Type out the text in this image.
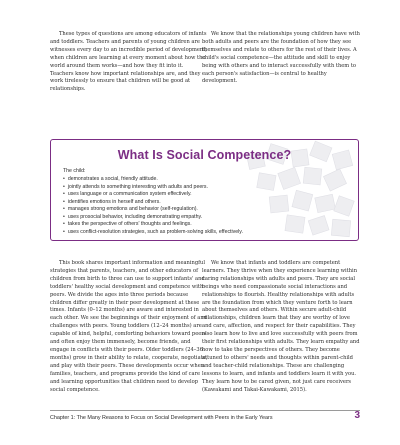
These types of questions are among educators of infants and toddlers. Teachers and parents of young children are witnesses every day to an incredible period of development, when children are learning at every moment about how the world around them works—and how they fit into it. Teachers know how important relationships are, and they work tirelessly to ensure that children will be good at relationships.

We know that the relationships young children have with both adults and peers are the foundation of how they see themselves and relate to others for the rest of their lives. A child's social competence—the attitude and skill to enjoy being with others and to interact successfully with them to each person's satisfaction—is central to healthy development.

What Is Social Competence?
The child:
• demonstrates a social, friendly attitude.
• jointly attends to something interesting with adults and peers.
• uses language or a communication system effectively.
• identifies emotions in herself and others.
• manages strong emotions and behavior (self-regulation).
• uses prosocial behavior, including demonstrating empathy.
• takes the perspective of others' thoughts and feelings.
• uses conflict-resolution strategies, such as problem-solving skills, effectively.

This book shares important information and meaningful strategies that parents, teachers, and other educators of children from birth to three can use to support infants' and toddlers' healthy social development and competence with peers. We divide the ages into three periods because children differ greatly in their peer development at these times. Infants (0–12 months) are aware and interested in each other. We see the beginnings of their enjoyment of and challenges with peers. Young toddlers (12–24 months) are capable of kind, helpful, comforting behaviors toward peers and often enjoy them immensely, become friends, and engage in conflicts with their peers. Older toddlers (24–36 months) grow in their ability to relate, cooperate, negotiate, and play with their peers. These developments occur when families, teachers, and programs provide the kind of care and learning opportunities that children need to develop social competence.

We know that infants and toddlers are competent learners. They thrive when they experience learning within caring relationships with adults and peers. They are social beings who need compassionate social interactions and relationships to flourish. Healthy relationships with adults are the foundation from which they venture forth to learn about themselves and others. Within secure adult-child relationships, children learn that they are worthy of love and care, affection, and respect for their capabilities. They also learn how to live and love successfully with peers from their first relationships with adults. They learn empathy and how to take the perspectives of others. They become attuned to others' needs and thoughts within parent-child and teacher-child relationships. These are challenging lessons to learn, and infants and toddlers learn it with you. They learn how to be cared given, not just care receivers (Kawakami and Takai-Kawakami, 2015).

Chapter 1: The Many Reasons to Focus on Social Development with Peers in the Early Years	3
